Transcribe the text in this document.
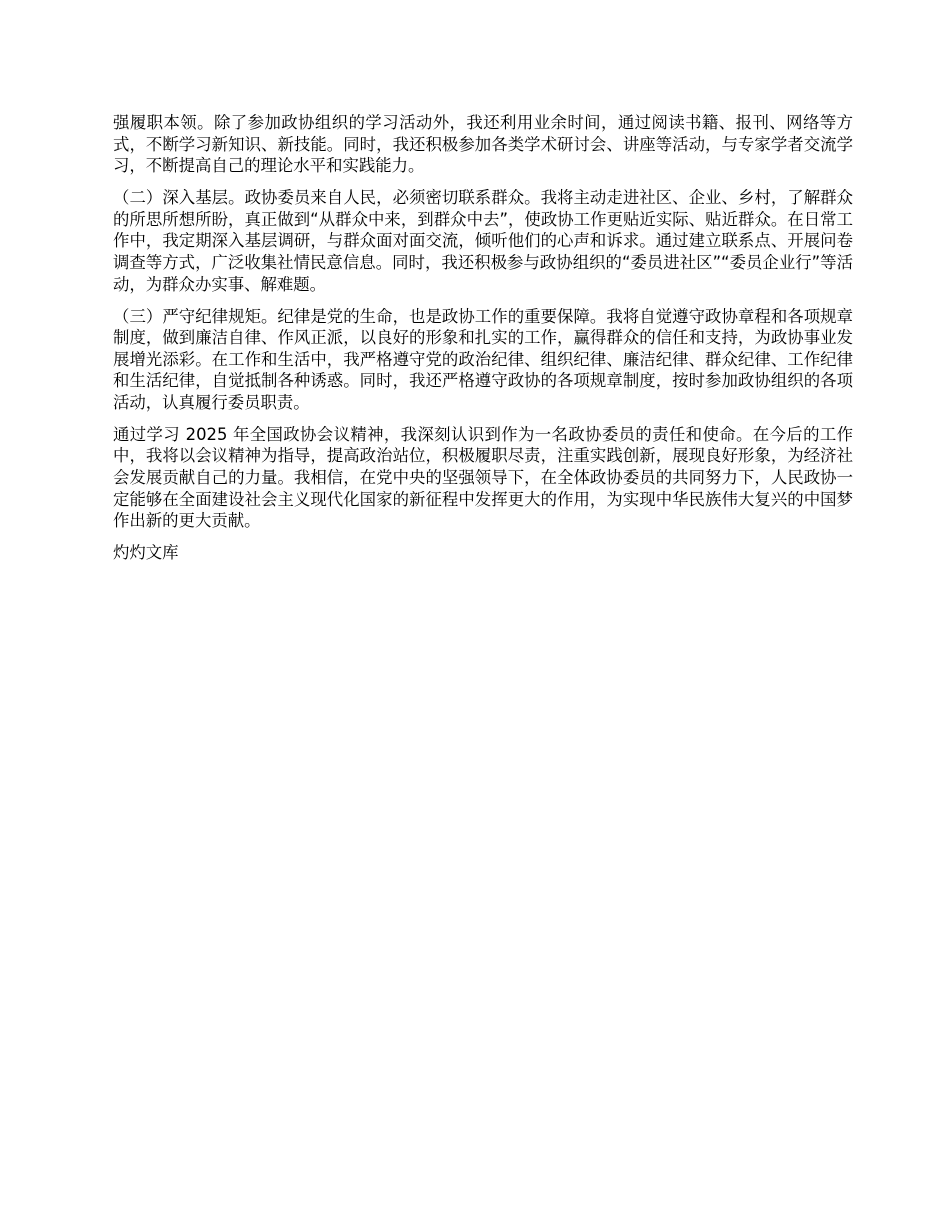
强履职本领。除了参加政协组织的学习活动外，我还利用业余时间，通过阅读书籍、报刊、网络等方式，不断学习新知识、新技能。同时，我还积极参加各类学术研讨会、讲座等活动，与专家学者交流学习，不断提高自己的理论水平和实践能力。

（二）深入基层。政协委员来自人民，必须密切联系群众。我将主动走进社区、企业、乡村，了解群众的所思所想所盼，真正做到“从群众中来，到群众中去”，使政协工作更贴近实际、贴近群众。在日常工作中，我定期深入基层调研，与群众面对面交流，倾听他们的心声和诉求。通过建立联系点、开展问卷调查等方式，广泛收集社情民意信息。同时，我还积极参与政协组织的“委员进社区”“委员企业行”等活动，为群众办实事、解难题。

（三）严守纪律规矩。纪律是党的生命，也是政协工作的重要保障。我将自觉遵守政协章程和各项规章制度，做到廉洁自律、作风正派，以良好的形象和扎实的工作，赢得群众的信任和支持，为政协事业发展增光添彩。在工作和生活中，我严格遵守党的政治纪律、组织纪律、廉洁纪律、群众纪律、工作纪律和生活纪律，自觉抵制各种诱惑。同时，我还严格遵守政协的各项规章制度，按时参加政协组织的各项活动，认真履行委员职责。

通过学习 2025 年全国政协会议精神，我深刻认识到作为一名政协委员的责任和使命。在今后的工作中，我将以会议精神为指导，提高政治站位，积极履职尽责，注重实践创新，展现良好形象，为经济社会发展贡献自己的力量。我相信，在党中央的坚强领导下，在全体政协委员的共同努力下，人民政协一定能够在全面建设社会主义现代化国家的新征程中发挥更大的作用，为实现中华民族伟大复兴的中国梦作出新的更大贡献。

灼灼文库
